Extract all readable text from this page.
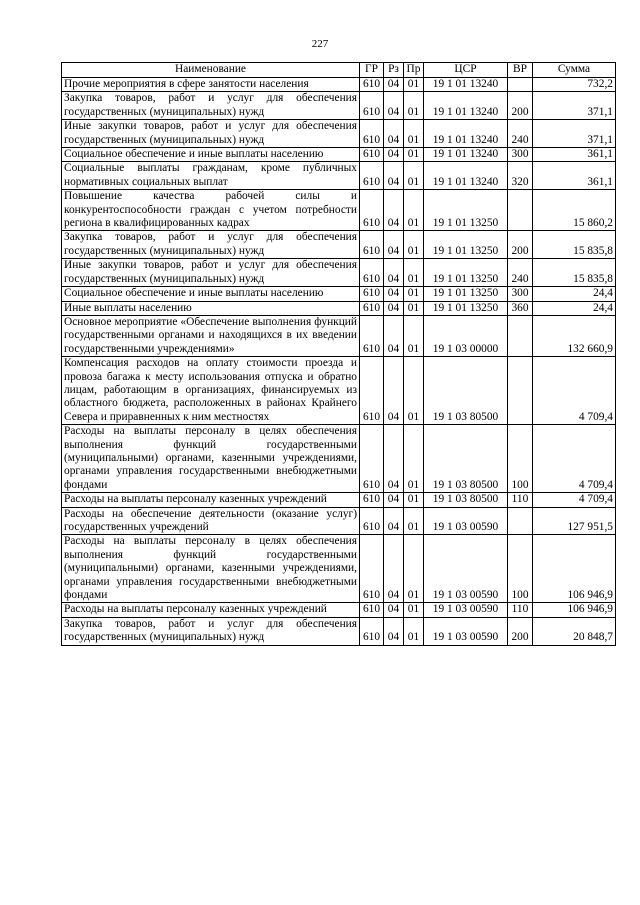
227
Наименование	ГР	Рз	Пр	ЦСР	ВР	Сумма
Прочие мероприятия в сфере занятости населения	610	04	01	19 1 01 13240		732,2
Закупка товаров, работ и услуг для обеспечения государственных (муниципальных) нужд	610	04	01	19 1 01 13240	200	371,1
Иные закупки товаров, работ и услуг для обеспечения государственных (муниципальных) нужд	610	04	01	19 1 01 13240	240	371,1
Социальное обеспечение и иные выплаты населению	610	04	01	19 1 01 13240	300	361,1
Социальные выплаты гражданам, кроме публичных нормативных социальных выплат	610	04	01	19 1 01 13240	320	361,1
Повышение качества рабочей силы и конкурентоспособности граждан с учетом потребности региона в квалифицированных кадрах	610	04	01	19 1 01 13250		15 860,2
Закупка товаров, работ и услуг для обеспечения государственных (муниципальных) нужд	610	04	01	19 1 01 13250	200	15 835,8
Иные закупки товаров, работ и услуг для обеспечения государственных (муниципальных) нужд	610	04	01	19 1 01 13250	240	15 835,8
Социальное обеспечение и иные выплаты населению	610	04	01	19 1 01 13250	300	24,4
Иные выплаты населению	610	04	01	19 1 01 13250	360	24,4
Основное мероприятие «Обеспечение выполнения функций государственными органами и находящихся в их введении государственными учреждениями»	610	04	01	19 1 03 00000		132 660,9
Компенсация расходов на оплату стоимости проезда и провоза багажа к месту использования отпуска и обратно лицам, работающим в организациях, финансируемых из областного бюджета, расположенных в районах Крайнего Севера и приравненных к ним местностях	610	04	01	19 1 03 80500		4 709,4
Расходы на выплаты персоналу в целях обеспечения выполнения функций государственными (муниципальными) органами, казенными учреждениями, органами управления государственными внебюджетными фондами	610	04	01	19 1 03 80500	100	4 709,4
Расходы на выплаты персоналу казенных учреждений	610	04	01	19 1 03 80500	110	4 709,4
Расходы на обеспечение деятельности (оказание услуг) государственных учреждений	610	04	01	19 1 03 00590		127 951,5
Расходы на выплаты персоналу в целях обеспечения выполнения функций государственными (муниципальными) органами, казенными учреждениями, органами управления государственными внебюджетными фондами	610	04	01	19 1 03 00590	100	106 946,9
Расходы на выплаты персоналу казенных учреждений	610	04	01	19 1 03 00590	110	106 946,9
Закупка товаров, работ и услуг для обеспечения государственных (муниципальных) нужд	610	04	01	19 1 03 00590	200	20 848,7
